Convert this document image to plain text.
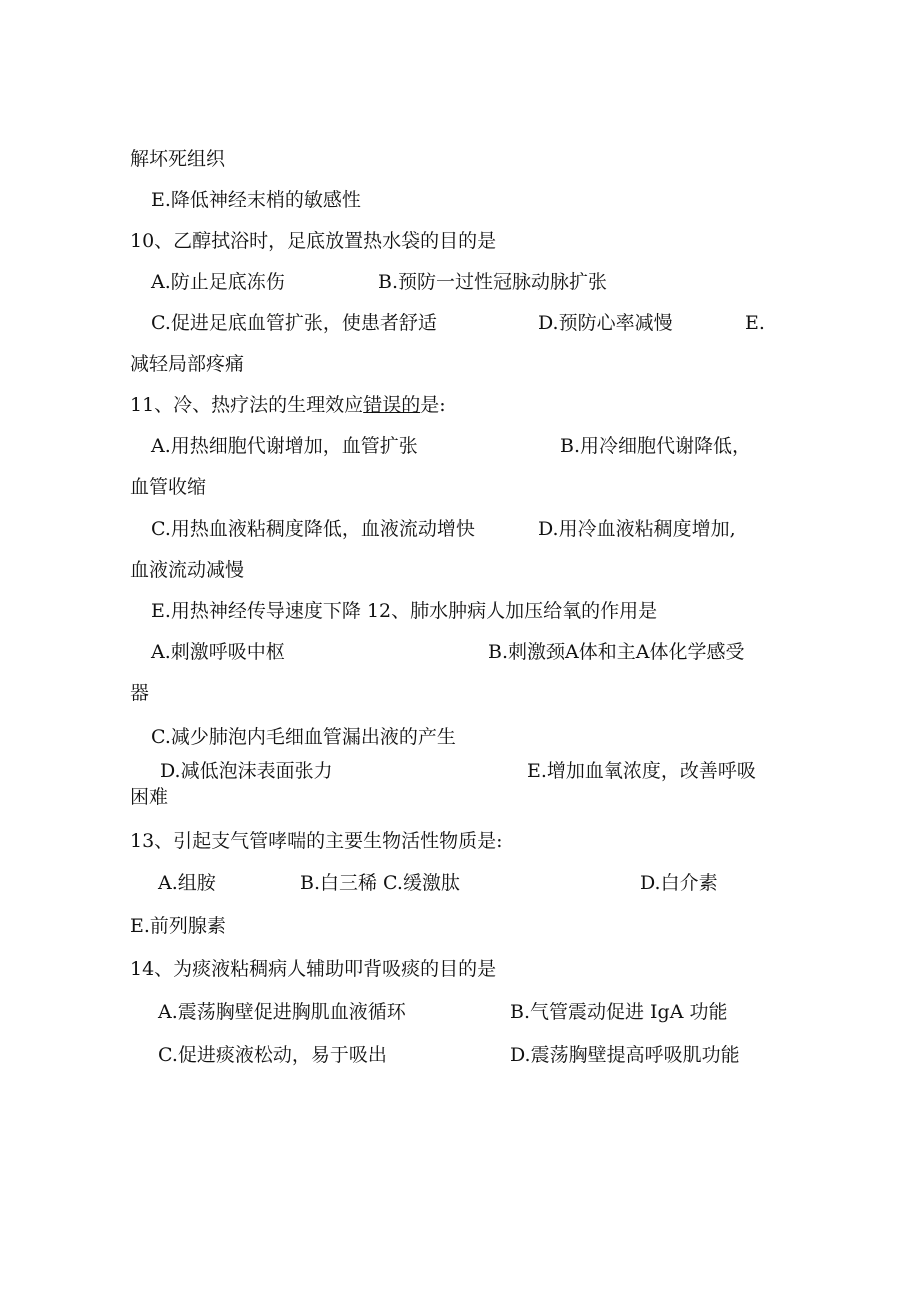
解坏死组织
E.降低神经末梢的敏感性
10、乙醇拭浴时，足底放置热水袋的目的是
A.防止足底冻伤	B.预防一过性冠脉动脉扩张
C.促进足底血管扩张，使患者舒适	D.预防心率减慢	E.
减轻局部疼痛
11、冷、热疗法的生理效应错误的是:
A.用热细胞代谢增加，血管扩张	B.用冷细胞代谢降低，
血管收缩
C.用热血液粘稠度降低，血液流动增快	D.用冷血液粘稠度增加,
血液流动减慢
E.用热神经传导速度下降 12、肺水肿病人加压给氧的作用是
A.刺激呼吸中枢	B.刺激颈A体和主A体化学感受
器
C.减少肺泡内毛细血管漏出液的产生
D.减低泡沫表面张力	E.增加血氧浓度，改善呼吸
困难
13、引起支气管哮喘的主要生物活性物质是:
A.组胺	B.白三稀 C.缓激肽	D.白介素
E.前列腺素
14、为痰液粘稠病人辅助叩背吸痰的目的是
A.震荡胸壁促进胸肌血液循环	B.气管震动促进 IgA 功能
C.促进痰液松动，易于吸出	D.震荡胸壁提高呼吸肌功能
